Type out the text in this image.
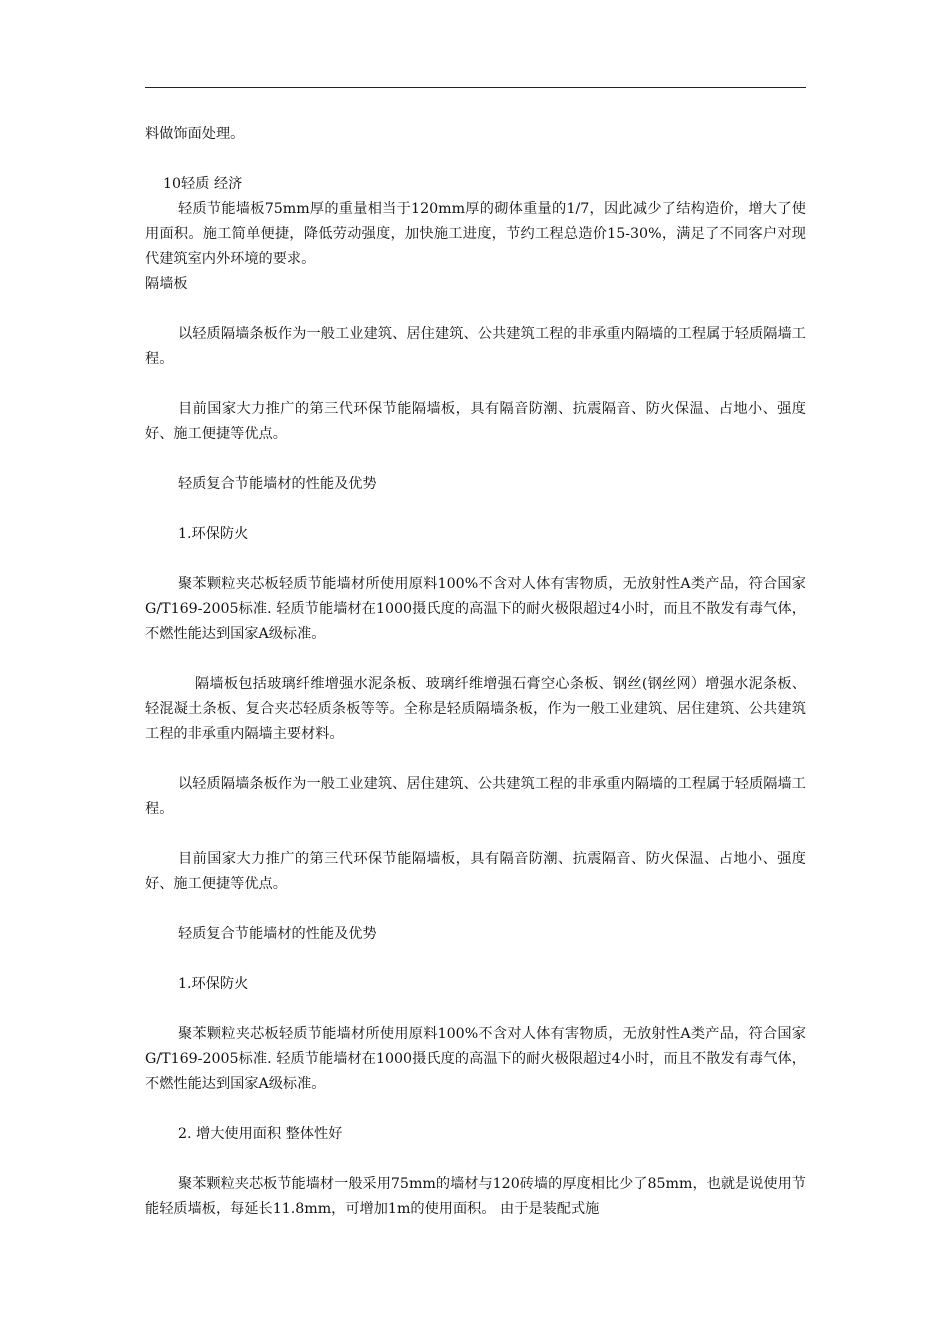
料做饰面处理。

10轻质 经济

轻质节能墙板75mm厚的重量相当于120mm厚的砌体重量的1/7，因此减少了结构造价，增大了使用面积。施工简单便捷，降低劳动强度，加快施工进度，节约工程总造价15-30%，满足了不同客户对现代建筑室内外环境的要求。

隔墙板

以轻质隔墙条板作为一般工业建筑、居住建筑、公共建筑工程的非承重内隔墙的工程属于轻质隔墙工程。

目前国家大力推广的第三代环保节能隔墙板，具有隔音防潮、抗震隔音、防火保温、占地小、强度好、施工便捷等优点。

轻质复合节能墙材的性能及优势

1.环保防火

聚苯颗粒夹芯板轻质节能墙材所使用原料100%不含对人体有害物质，无放射性A类产品，符合国家G/T169-2005标准. 轻质节能墙材在1000摄氏度的高温下的耐火极限超过4小时，而且不散发有毒气体，不燃性能达到国家A级标准。

隔墙板包括玻璃纤维增强水泥条板、玻璃纤维增强石膏空心条板、钢丝(钢丝网）增强水泥条板、轻混凝土条板、复合夹芯轻质条板等等。全称是轻质隔墙条板，作为一般工业建筑、居住建筑、公共建筑工程的非承重内隔墙主要材料。

以轻质隔墙条板作为一般工业建筑、居住建筑、公共建筑工程的非承重内隔墙的工程属于轻质隔墙工程。

目前国家大力推广的第三代环保节能隔墙板，具有隔音防潮、抗震隔音、防火保温、占地小、强度好、施工便捷等优点。

轻质复合节能墙材的性能及优势

1.环保防火

聚苯颗粒夹芯板轻质节能墙材所使用原料100%不含对人体有害物质，无放射性A类产品，符合国家G/T169-2005标准. 轻质节能墙材在1000摄氏度的高温下的耐火极限超过4小时，而且不散发有毒气体，不燃性能达到国家A级标准。

2. 增大使用面积 整体性好

聚苯颗粒夹芯板节能墙材一般采用75mm的墙材与120砖墙的厚度相比少了85mm，也就是说使用节能轻质墙板，每延长11.8mm，可增加1m的使用面积。 由于是装配式施
